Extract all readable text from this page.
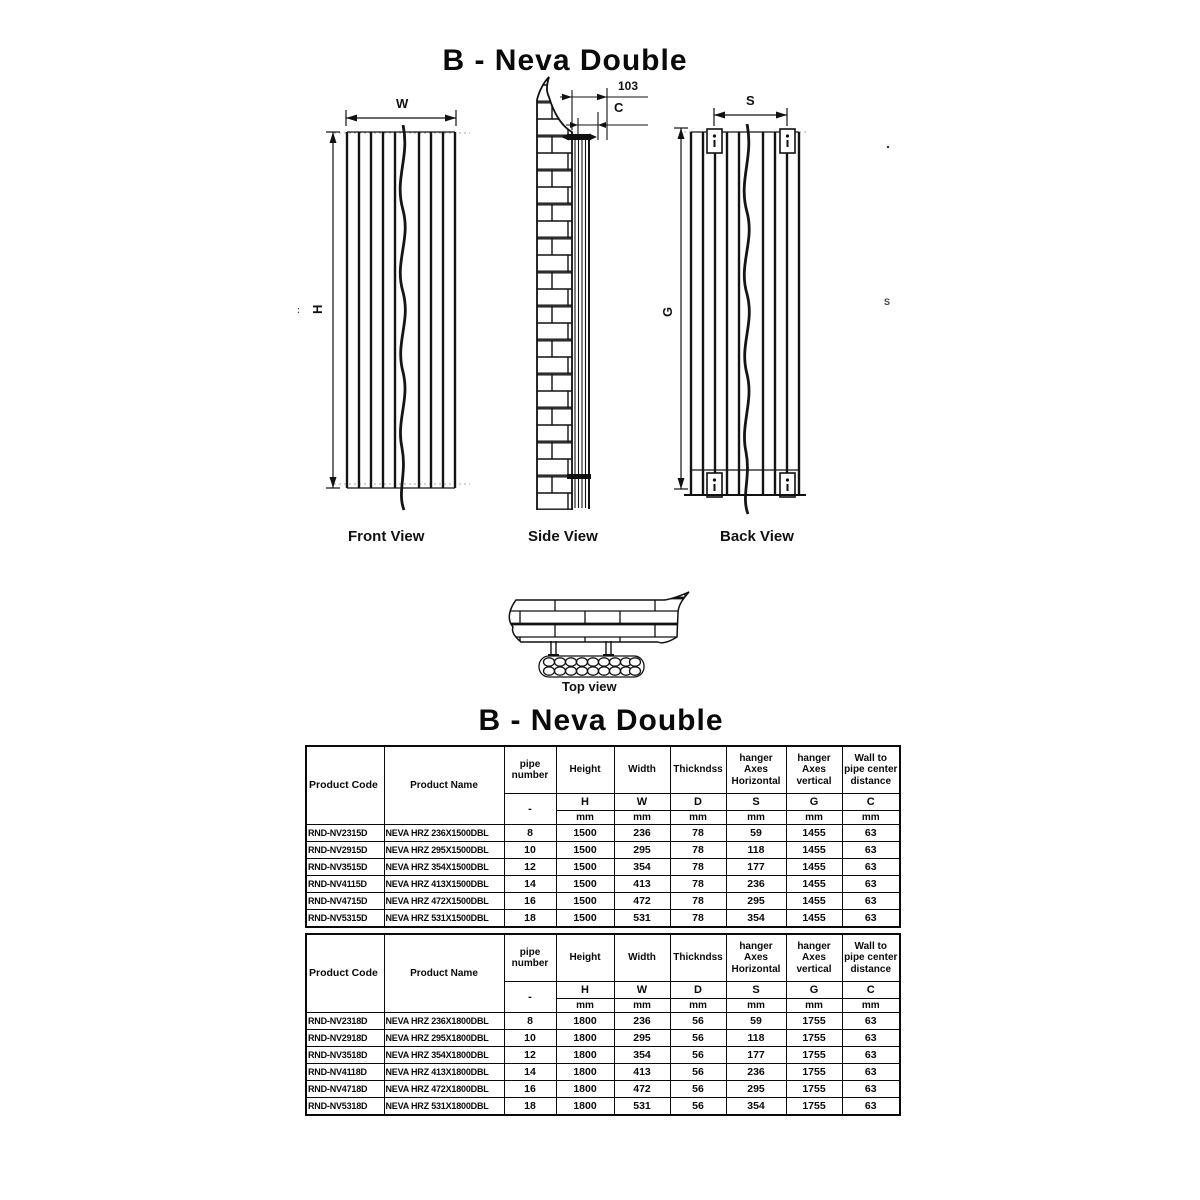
B - Neva Double
W
H
:
Front View
103
C
Side View
S
G
Back View
S
Top view
B - Neva Double
Product Code	Product Name	pipe number	Height	Width	Thickndss	hanger Axes Horizontal	hanger Axes vertical	Wall to pipe center distance
		-	H	W	D	S	G	C
			mm	mm	mm	mm	mm	mm
RND-NV2315D	NEVA HRZ 236X1500DBL	8	1500	236	78	59	1455	63
RND-NV2915D	NEVA HRZ 295X1500DBL	10	1500	295	78	118	1455	63
RND-NV3515D	NEVA HRZ 354X1500DBL	12	1500	354	78	177	1455	63
RND-NV4115D	NEVA HRZ 413X1500DBL	14	1500	413	78	236	1455	63
RND-NV4715D	NEVA HRZ 472X1500DBL	16	1500	472	78	295	1455	63
RND-NV5315D	NEVA HRZ 531X1500DBL	18	1500	531	78	354	1455	63
Product Code	Product Name	pipe number	Height	Width	Thickndss	hanger Axes Horizontal	hanger Axes vertical	Wall to pipe center distance
		-	H	W	D	S	G	C
			mm	mm	mm	mm	mm	mm
RND-NV2318D	NEVA HRZ 236X1800DBL	8	1800	236	56	59	1755	63
RND-NV2918D	NEVA HRZ 295X1800DBL	10	1800	295	56	118	1755	63
RND-NV3518D	NEVA HRZ 354X1800DBL	12	1800	354	56	177	1755	63
RND-NV4118D	NEVA HRZ 413X1800DBL	14	1800	413	56	236	1755	63
RND-NV4718D	NEVA HRZ 472X1800DBL	16	1800	472	56	295	1755	63
RND-NV5318D	NEVA HRZ 531X1800DBL	18	1800	531	56	354	1755	63
